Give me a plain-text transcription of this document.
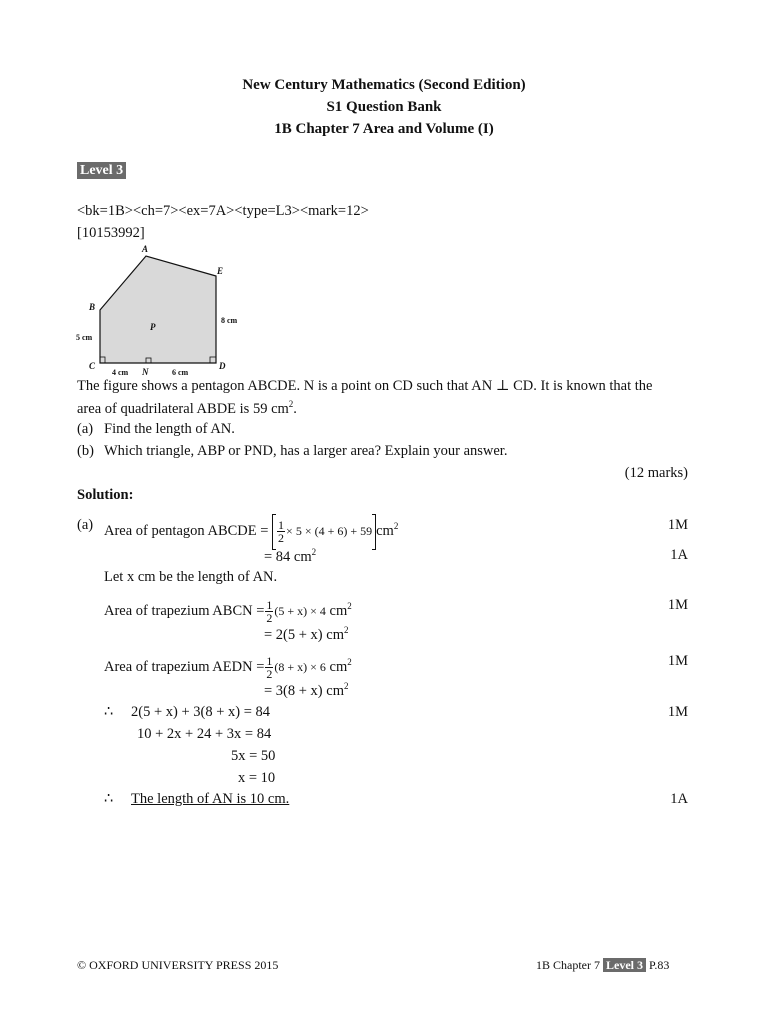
New Century Mathematics (Second Edition)
S1 Question Bank
1B Chapter 7 Area and Volume (I)
Level 3
<bk=1B><ch=7><ex=7A><type=L3><mark=12>
[10153992]
A
B
C	D
E
N
P
5 cm
8 cm
4 cm	6 cm
The figure shows a pentagon ABCDE. N is a point on CD such that AN ⊥ CD. It is known that the
area of quadrilateral ABDE is 59 $cm^2$.
(a) Find the length of AN.
(b) Which triangle, ABP or PND, has a larger area? Explain your answer.
(12 marks)
Solution:
(a) Area of pentagon ABCDE = $\frac{1}{2} \times 5 \times (4 + 6) + 59$ $cm^2$	1M
= 84 $cm^2$	1A
Let x cm be the length of AN.
Area of trapezium ABCN = $\frac{1}{2} (5 + x) \times 4$ $cm^2$	1M
= 2(5 + x) $cm^2$
Area of trapezium AEDN = $\frac{1}{2} (8 + x) \times 6$ $cm^2$	1M
= 3(8 + x) $cm^2$
∴ 2(5 + x) + 3(8 + x) = 84	1M
10 + 2x + 24 + 3x = 84
5x = 50
x = 10
∴ The length of AN is 10 cm.	1A
© OXFORD UNIVERSITY PRESS 2015	1B Chapter 7 Level 3 P.83
